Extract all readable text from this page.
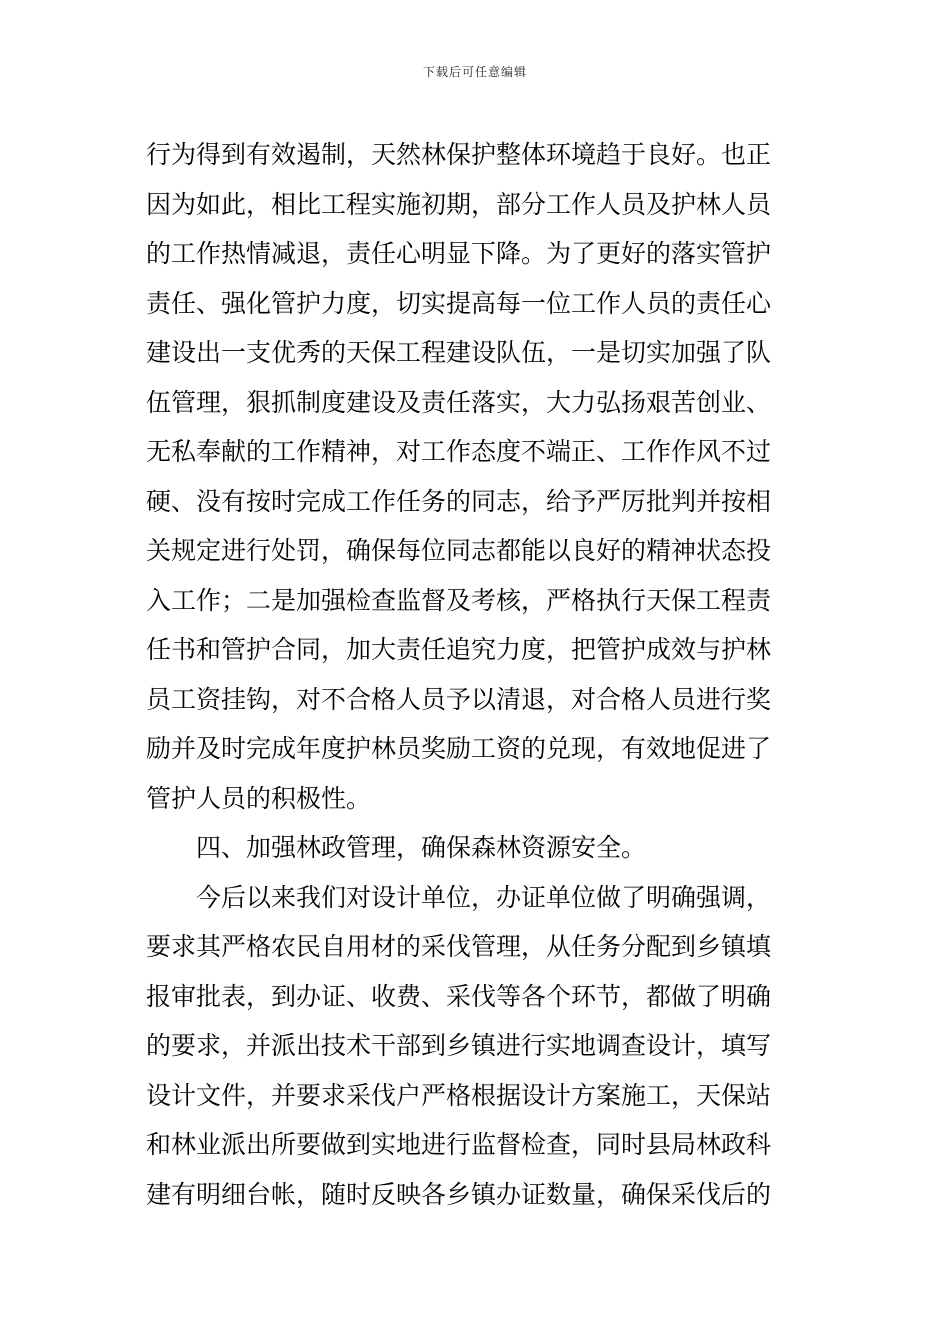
下载后可任意编辑
行为得到有效遏制，天然林保护整体环境趋于良好。也正
因为如此，相比工程实施初期，部分工作人员及护林人员
的工作热情减退，责任心明显下降。为了更好的落实管护
责任、强化管护力度，切实提高每一位工作人员的责任心
建设出一支优秀的天保工程建设队伍，一是切实加强了队
伍管理，狠抓制度建设及责任落实，大力弘扬艰苦创业、
无私奉献的工作精神，对工作态度不端正、工作作风不过
硬、没有按时完成工作任务的同志，给予严厉批判并按相
关规定进行处罚，确保每位同志都能以良好的精神状态投
入工作；二是加强检查监督及考核，严格执行天保工程责
任书和管护合同，加大责任追究力度，把管护成效与护林
员工资挂钩，对不合格人员予以清退，对合格人员进行奖
励并及时完成年度护林员奖励工资的兑现，有效地促进了
管护人员的积极性。
四、加强林政管理，确保森林资源安全。
今后以来我们对设计单位，办证单位做了明确强调，
要求其严格农民自用材的采伐管理，从任务分配到乡镇填
报审批表，到办证、收费、采伐等各个环节，都做了明确
的要求，并派出技术干部到乡镇进行实地调查设计，填写
设计文件，并要求采伐户严格根据设计方案施工，天保站
和林业派出所要做到实地进行监督检查，同时县局林政科
建有明细台帐，随时反映各乡镇办证数量，确保采伐后的
